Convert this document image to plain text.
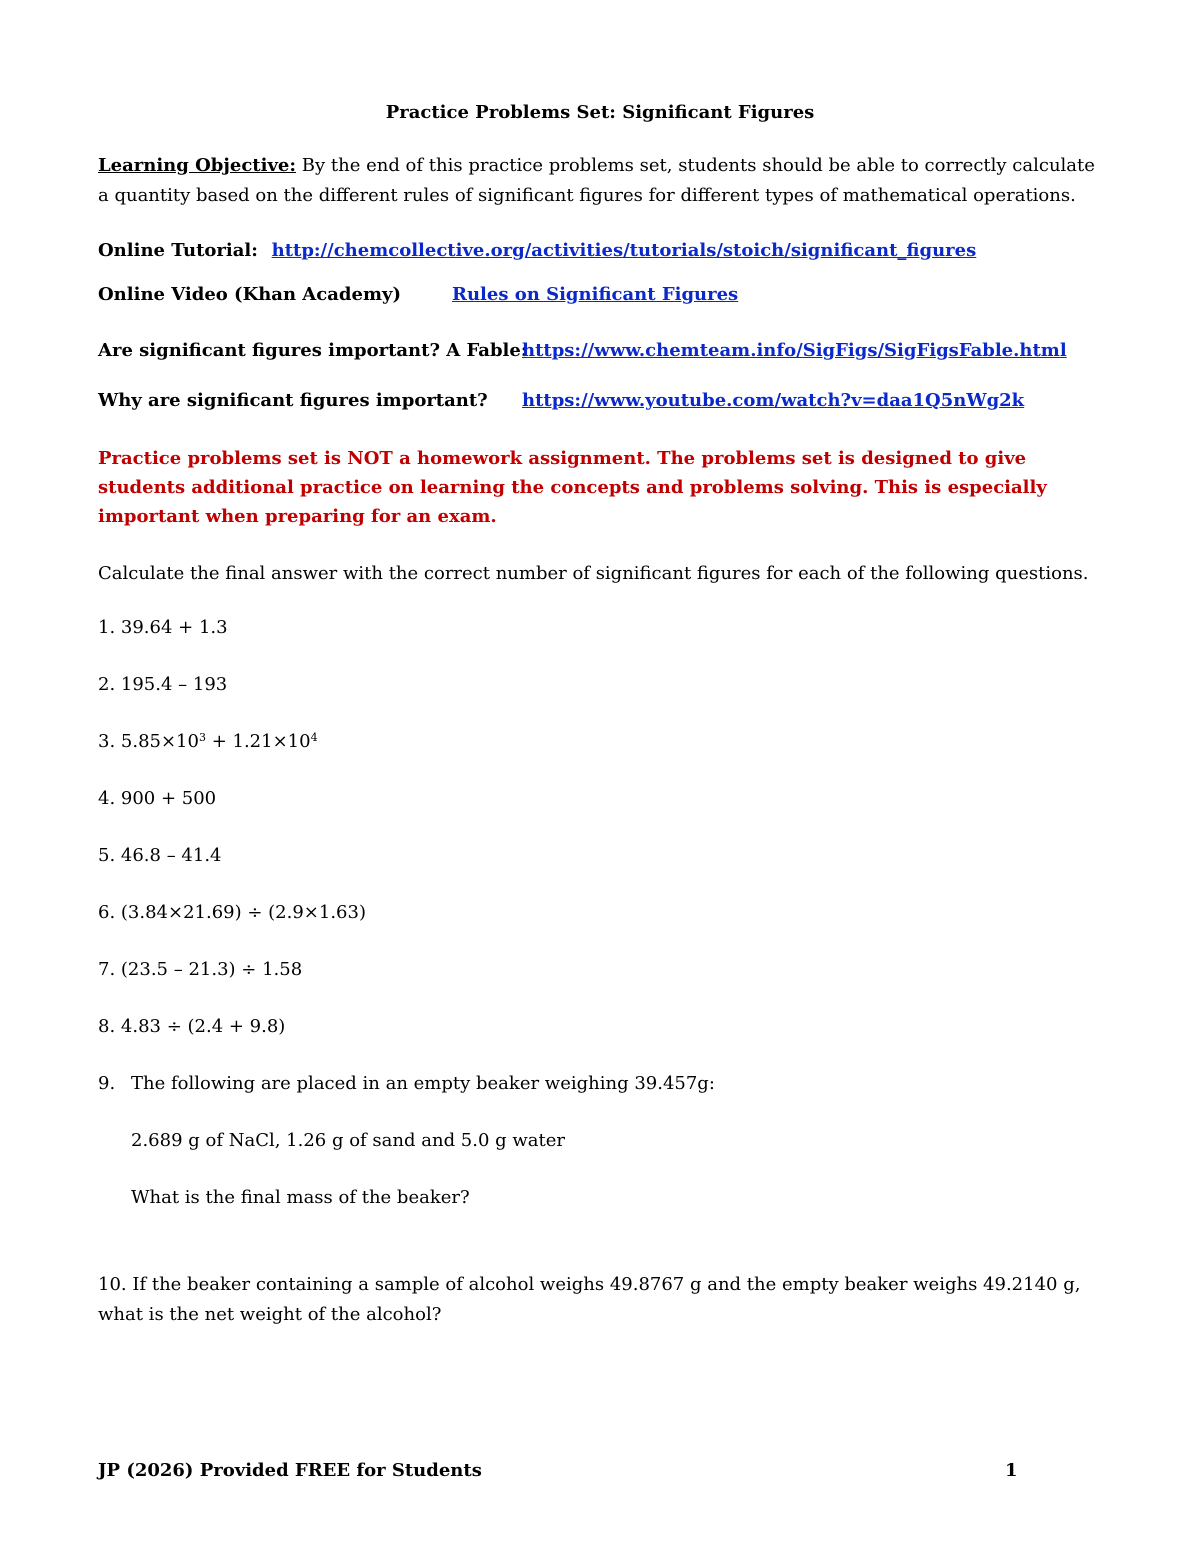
Practice Problems Set: Significant Figures
Learning Objective: By the end of this practice problems set, students should be able to correctly calculate a quantity based on the different rules of significant figures for different types of mathematical operations.
Online Tutorial: http://chemcollective.org/activities/tutorials/stoich/significant_figures
Online Video (Khan Academy)	Rules on Significant Figures
Are significant figures important? A Fable:
https://www.chemteam.info/SigFigs/SigFigsFable.html
Why are significant figures important? https://www.youtube.com/watch?v=daa1Q5nWg2k
Practice problems set is NOT a homework assignment. The problems set is designed to give students additional practice on learning the concepts and problems solving. This is especially important when preparing for an exam.
Calculate the final answer with the correct number of significant figures for each of the following questions.
1. 39.64 + 1.3
2. 195.4 – 193
3. $5.85\times 10^3 + 1.21\times 10^4$
4. 900 + 500
5. 46.8 – 41.4
6. (3.84×21.69) ÷ (2.9×1.63)
7. (23.5 – 21.3) ÷ 1.58
8. 4.83 ÷ (2.4 + 9.8)
9. The following are placed in an empty beaker weighing 39.457g:
2.689 g of NaCl, 1.26 g of sand and 5.0 g water
What is the final mass of the beaker?
10. If the beaker containing a sample of alcohol weighs 49.8767 g and the empty beaker weighs 49.2140 g, what is the net weight of the alcohol?
JP (2026) Provided FREE for Students	1
